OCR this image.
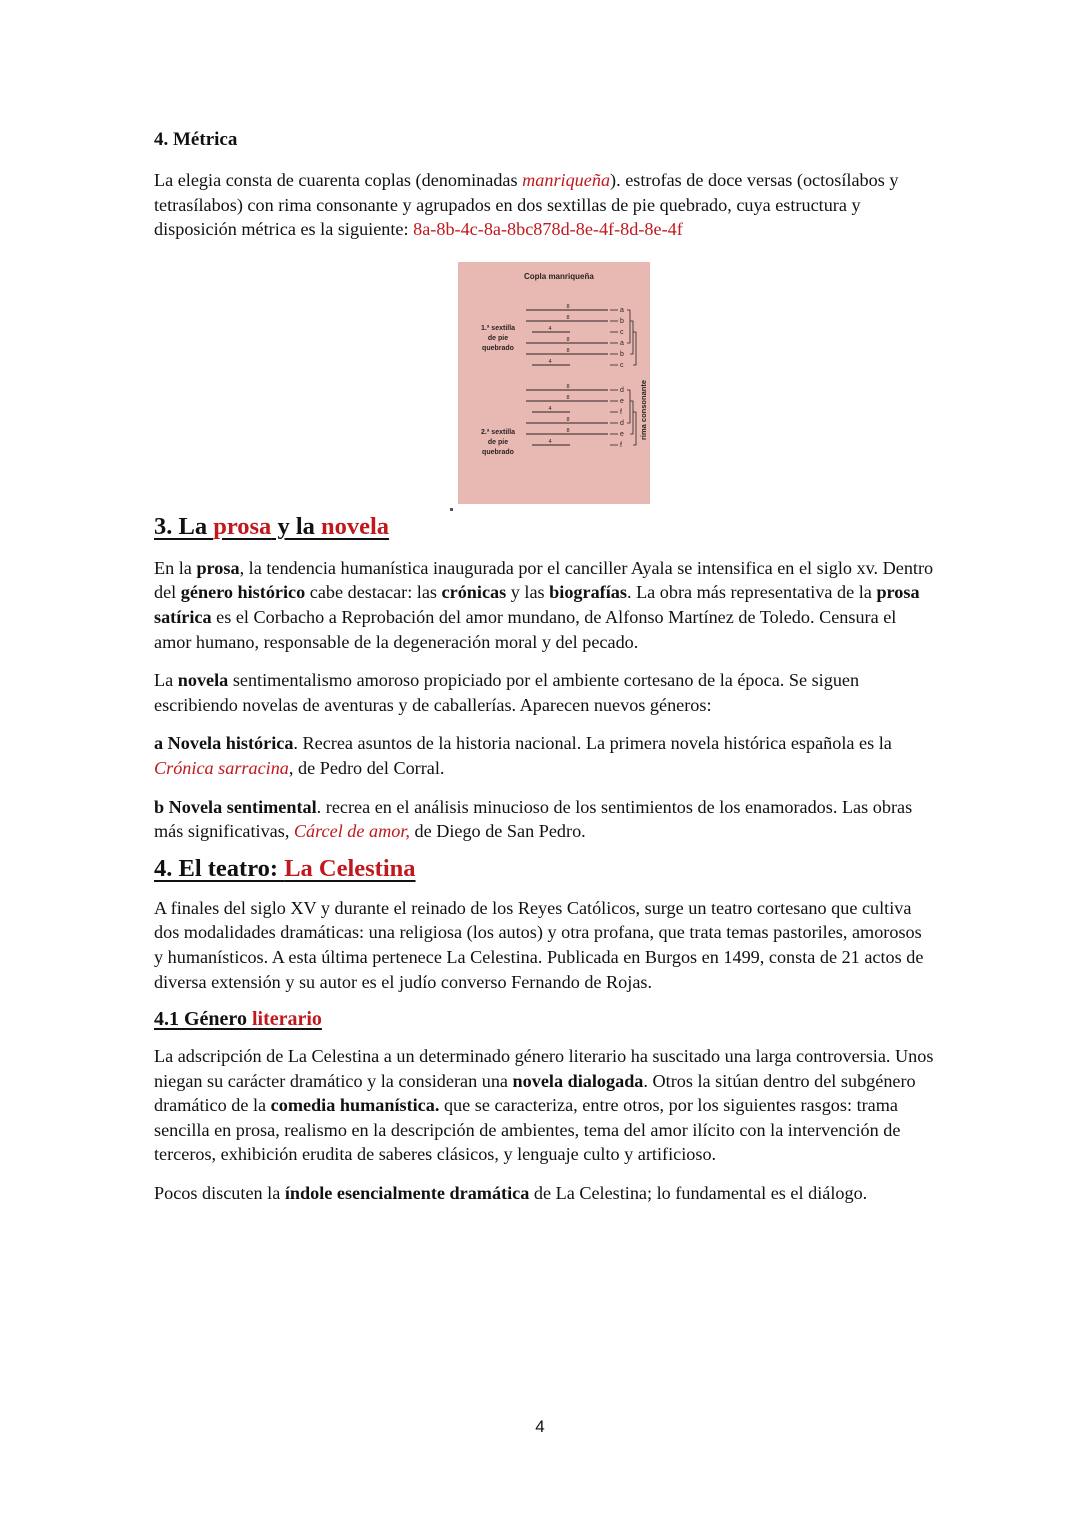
4. Métrica

La elegia consta de cuarenta coplas (denominadas manriqueña). estrofas de doce versas (octosílabos y tetrasílabos) con rima consonante y agrupados en dos sextillas de pie quebrado, cuya estructura y disposición métrica es la siguiente: 8a-8b-4c-8a-8bc878d-8e-4f-8d-8e-4f

Copla manriqueña
8	a
8	b
4	c
8	a
8	b
4	c
8	d
8	e
4	f
8	d
8	e
4	f
1.ª sextilla
de pie
quebrado
2.ª sextilla
de pie
quebrado
rima consonante
3. La prosa y la novela

En la prosa, la tendencia humanística inaugurada por el canciller Ayala se intensifica en el siglo xv. Dentro del género histórico cabe destacar: las crónicas y las biografías. La obra más representativa de la prosa satírica es el Corbacho a Reprobación del amor mundano, de Alfonso Martínez de Toledo. Censura el amor humano, responsable de la degeneración moral y del pecado.

La novela sentimentalismo amoroso propiciado por el ambiente cortesano de la época. Se siguen escribiendo novelas de aventuras y de caballerías. Aparecen nuevos géneros:

a Novela histórica. Recrea asuntos de la historia nacional. La primera novela histórica española es la Crónica sarracina, de Pedro del Corral.

b Novela sentimental. recrea en el análisis minucioso de los sentimientos de los enamorados. Las obras más significativas, Cárcel de amor, de Diego de San Pedro.

4. El teatro: La Celestina

A finales del siglo XV y durante el reinado de los Reyes Católicos, surge un teatro cortesano que cultiva dos modalidades dramáticas: una religiosa (los autos) y otra profana, que trata temas pastoriles, amorosos y humanísticos. A esta última pertenece La Celestina. Publicada en Burgos en 1499, consta de 21 actos de diversa extensión y su autor es el judío converso Fernando de Rojas.

4.1 Género literario

La adscripción de La Celestina a un determinado género literario ha suscitado una larga controversia. Unos niegan su carácter dramático y la consideran una novela dialogada. Otros la sitúan dentro del subgénero dramático de la comedia humanística. que se caracteriza, entre otros, por los siguientes rasgos: trama sencilla en prosa, realismo en la descripción de ambientes, tema del amor ilícito con la intervención de terceros, exhibición erudita de saberes clásicos, y lenguaje culto y artificioso.

Pocos discuten la índole esencialmente dramática de La Celestina; lo fundamental es el diálogo.

4
